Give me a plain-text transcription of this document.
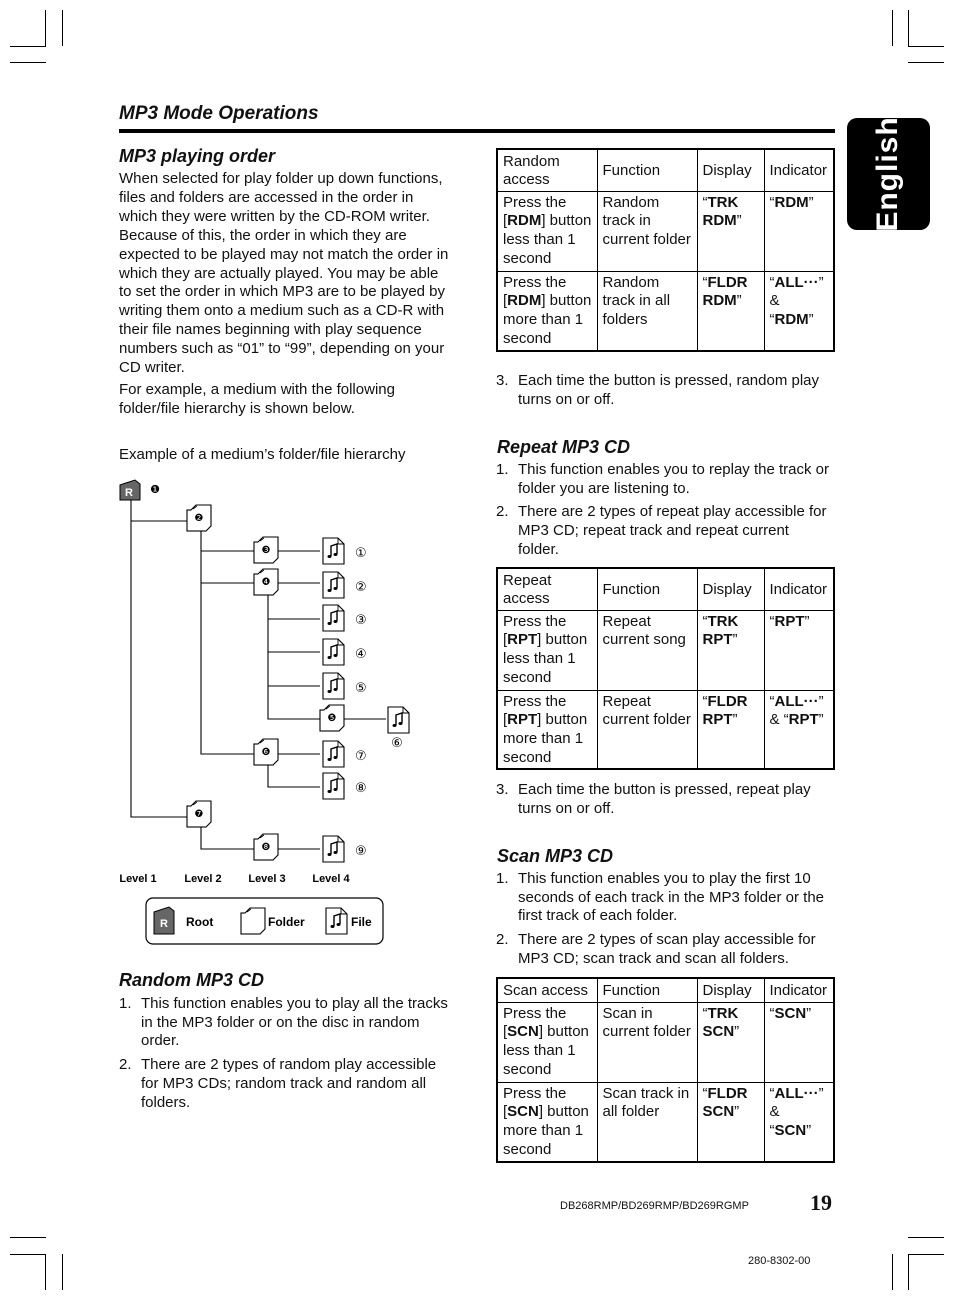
MP3 Mode Operations
English
MP3 playing order

When selected for play folder up down functions, files and folders are accessed in the order in which they were written by the CD-ROM writer. Because of this, the order in which they are expected to be played may not match the order in which they are actually played. You may be able to set the order in which MP3 are to be played by writing them onto a medium such as a CD-R with their file names beginning with play sequence numbers such as “01” to “99”, depending on your CD writer.

For example, a medium with the following folder/file hierarchy is shown below.

Example of a medium’s folder/file hierarchy
R ❶
❷
❸
❹
❺
❻
❼
❽
①
②
③
④
⑤
⑥
⑦
⑧
⑨
Level 1	Level 2 Level 3 Level 4
R Root	Folder	File
Random MP3 CD
1. This function enables you to play all the tracks in the MP3 folder or on the disc in random order.
2. There are 2 types of random play accessible for MP3 CDs; random track and random all folders.
Random access	Function	Display	Indicator
Press the [RDM] button less than 1 second	Random track in current folder	“TRK RDM”	“RDM”
Press the [RDM] button more than 1 second	Random track in all folders	“FLDR RDM”	“ALL···”
&
“RDM”
3. Each time the button is pressed, random play turns on or off.
Repeat MP3 CD
1. This function enables you to replay the track or folder you are listening to.
2. There are 2 types of repeat play accessible for MP3 CD; repeat track and repeat current folder.
Repeat access	Function	Display	Indicator
Press the [RPT] button less than 1 second	Repeat current song	“TRK RPT”	“RPT”
Press the [RPT] button more than 1 second	Repeat current folder	“FLDR RPT”	“ALL···”
& “RPT”
3. Each time the button is pressed, repeat play turns on or off.
Scan MP3 CD
1. This function enables you to play the first 10 seconds of each track in the MP3 folder or the first track of each folder.
2. There are 2 types of scan play accessible for MP3 CD; scan track and scan all folders.
Scan access	Function	Display	Indicator
Press the [SCN] button less than 1 second	Scan in current folder	“TRK SCN”	“SCN”
Press the [SCN] button more than 1 second	Scan track in all folder	“FLDR SCN”	“ALL···”
&
“SCN”
DB268RMP/BD269RMP/BD269RGMP	19
280-8302-00
